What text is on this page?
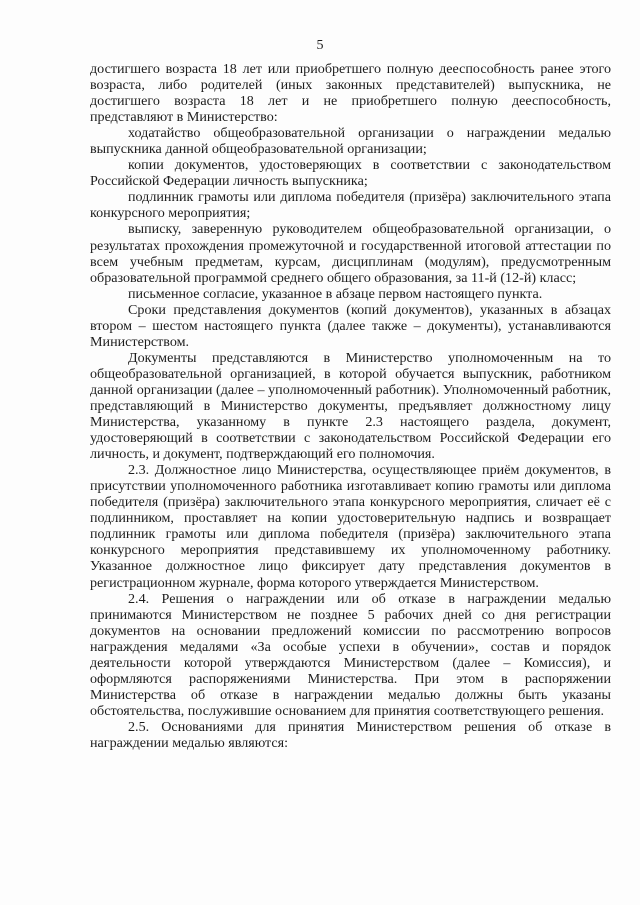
5

достигшего возраста 18 лет или приобретшего полную дееспособность ранее этого возраста, либо родителей (иных законных представителей) выпускника, не достигшего возраста 18 лет и не приобретшего полную дееспособность, представляют в Министерство:

ходатайство общеобразовательной организации о награждении медалью выпускника данной общеобразовательной организации;

копии документов, удостоверяющих в соответствии с законодательством Российской Федерации личность выпускника;

подлинник грамоты или диплома победителя (призёра) заключительного этапа конкурсного мероприятия;

выписку, заверенную руководителем общеобразовательной организации, о результатах прохождения промежуточной и государственной итоговой аттестации по всем учебным предметам, курсам, дисциплинам (модулям), предусмотренным образовательной программой среднего общего образования, за 11-й (12-й) класс;

письменное согласие, указанное в абзаце первом настоящего пункта.

Сроки представления документов (копий документов), указанных в абзацах втором – шестом настоящего пункта (далее также – документы), устанавливаются Министерством.

Документы представляются в Министерство уполномоченным на то общеобразовательной организацией, в которой обучается выпускник, работником данной организации (далее – уполномоченный работник). Уполномоченный работник, представляющий в Министерство документы, предъявляет должностному лицу Министерства, указанному в пункте 2.3 настоящего раздела, документ, удостоверяющий в соответствии с законодательством Российской Федерации его личность, и документ, подтверждающий его полномочия.

2.3. Должностное лицо Министерства, осуществляющее приём документов, в присутствии уполномоченного работника изготавливает копию грамоты или диплома победителя (призёра) заключительного этапа конкурсного мероприятия, сличает её с подлинником, проставляет на копии удостоверительную надпись и возвращает подлинник грамоты или диплома победителя (призёра) заключительного этапа конкурсного мероприятия представившему их уполномоченному работнику. Указанное должностное лицо фиксирует дату представления документов в регистрационном журнале, форма которого утверждается Министерством.

2.4. Решения о награждении или об отказе в награждении медалью принимаются Министерством не позднее 5 рабочих дней со дня регистрации документов на основании предложений комиссии по рассмотрению вопросов награждения медалями «За особые успехи в обучении», состав и порядок деятельности которой утверждаются Министерством (далее – Комиссия), и оформляются распоряжениями Министерства. При этом в распоряжении Министерства об отказе в награждении медалью должны быть указаны обстоятельства, послужившие основанием для принятия соответствующего решения.

2.5. Основаниями для принятия Министерством решения об отказе в награждении медалью являются:
